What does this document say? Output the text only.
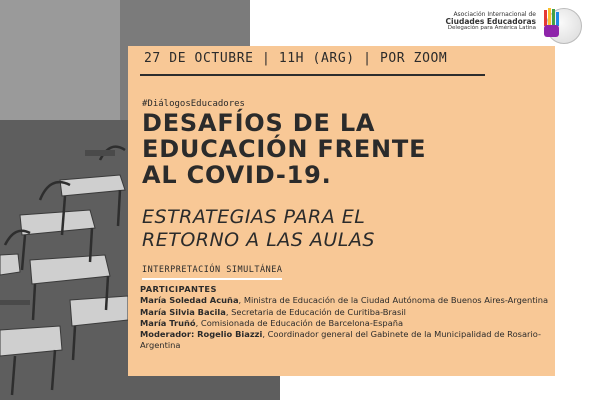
Asociación Internacional de
Ciudades Educadoras
Delegación para América Latina
27 DE OCTUBRE | 11H (ARG) | POR ZOOM
#DiálogosEducadores
DESAFÍOS DE LA
EDUCACIÓN FRENTE
AL COVID-19.
ESTRATEGIAS PARA EL
RETORNO A LAS AULAS
INTERPRETACIÓN SIMULTÁNEA
PARTICIPANTES
María Soledad Acuña, Ministra de Educación de la Ciudad Autónoma de Buenos Aires-Argentina
María Silvia Bacila, Secretaria de Educación de Curitiba-Brasil
María Truñó, Comisionada de Educación de Barcelona-España
Moderador: Rogelio Biazzi, Coordinador general del Gabinete de la Municipalidad de Rosario-Argentina
